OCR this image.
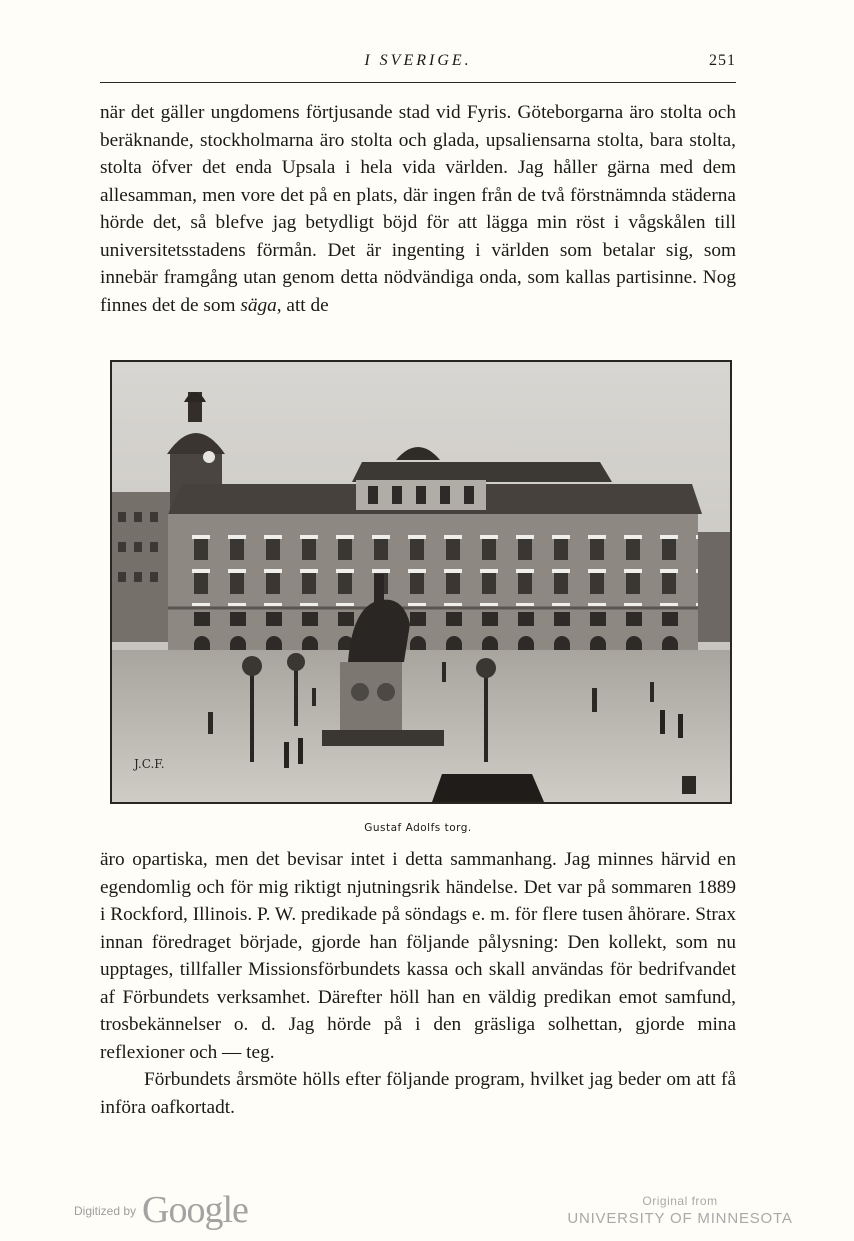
I SVERIGE.	251

när det gäller ungdomens förtjusande stad vid Fyris. Göteborgarna äro stolta och beräknande, stockholmarna äro stolta och glada, upsaliensarna stolta, bara stolta, stolta öfver det enda Upsala i hela vida världen. Jag håller gärna med dem allesamman, men vore det på en plats, där ingen från de två förstnämnda städerna hörde det, så blefve jag betydligt böjd för att lägga min röst i vågskålen till universitetsstadens förmån. Det är ingenting i världen som betalar sig, som innebär framgång utan genom detta nödvändiga onda, som kallas partisinne. Nog finnes det de som säga, att de

J.C.F.
Gustaf Adolfs torg.

äro opartiska, men det bevisar intet i detta sammanhang. Jag minnes härvid en egendomlig och för mig riktigt njutningsrik händelse. Det var på sommaren 1889 i Rockford, Illinois. P. W. predikade på söndags e. m. för flere tusen åhörare. Strax innan föredraget började, gjorde han följande pålysning: Den kollekt, som nu upptages, tillfaller Missionsförbundets kassa och skall användas för bedrifvandet af Förbundets verksamhet. Därefter höll han en väldig predikan emot samfund, trosbekännelser o. d. Jag hörde på i den gräsliga solhettan, gjorde mina reflexioner och — teg.

Förbundets årsmöte hölls efter följande program, hvilket jag beder om att få införa oafkortadt.

$^{Digitized by}$ Google	Original from
UNIVERSITY OF MINNESOTA
